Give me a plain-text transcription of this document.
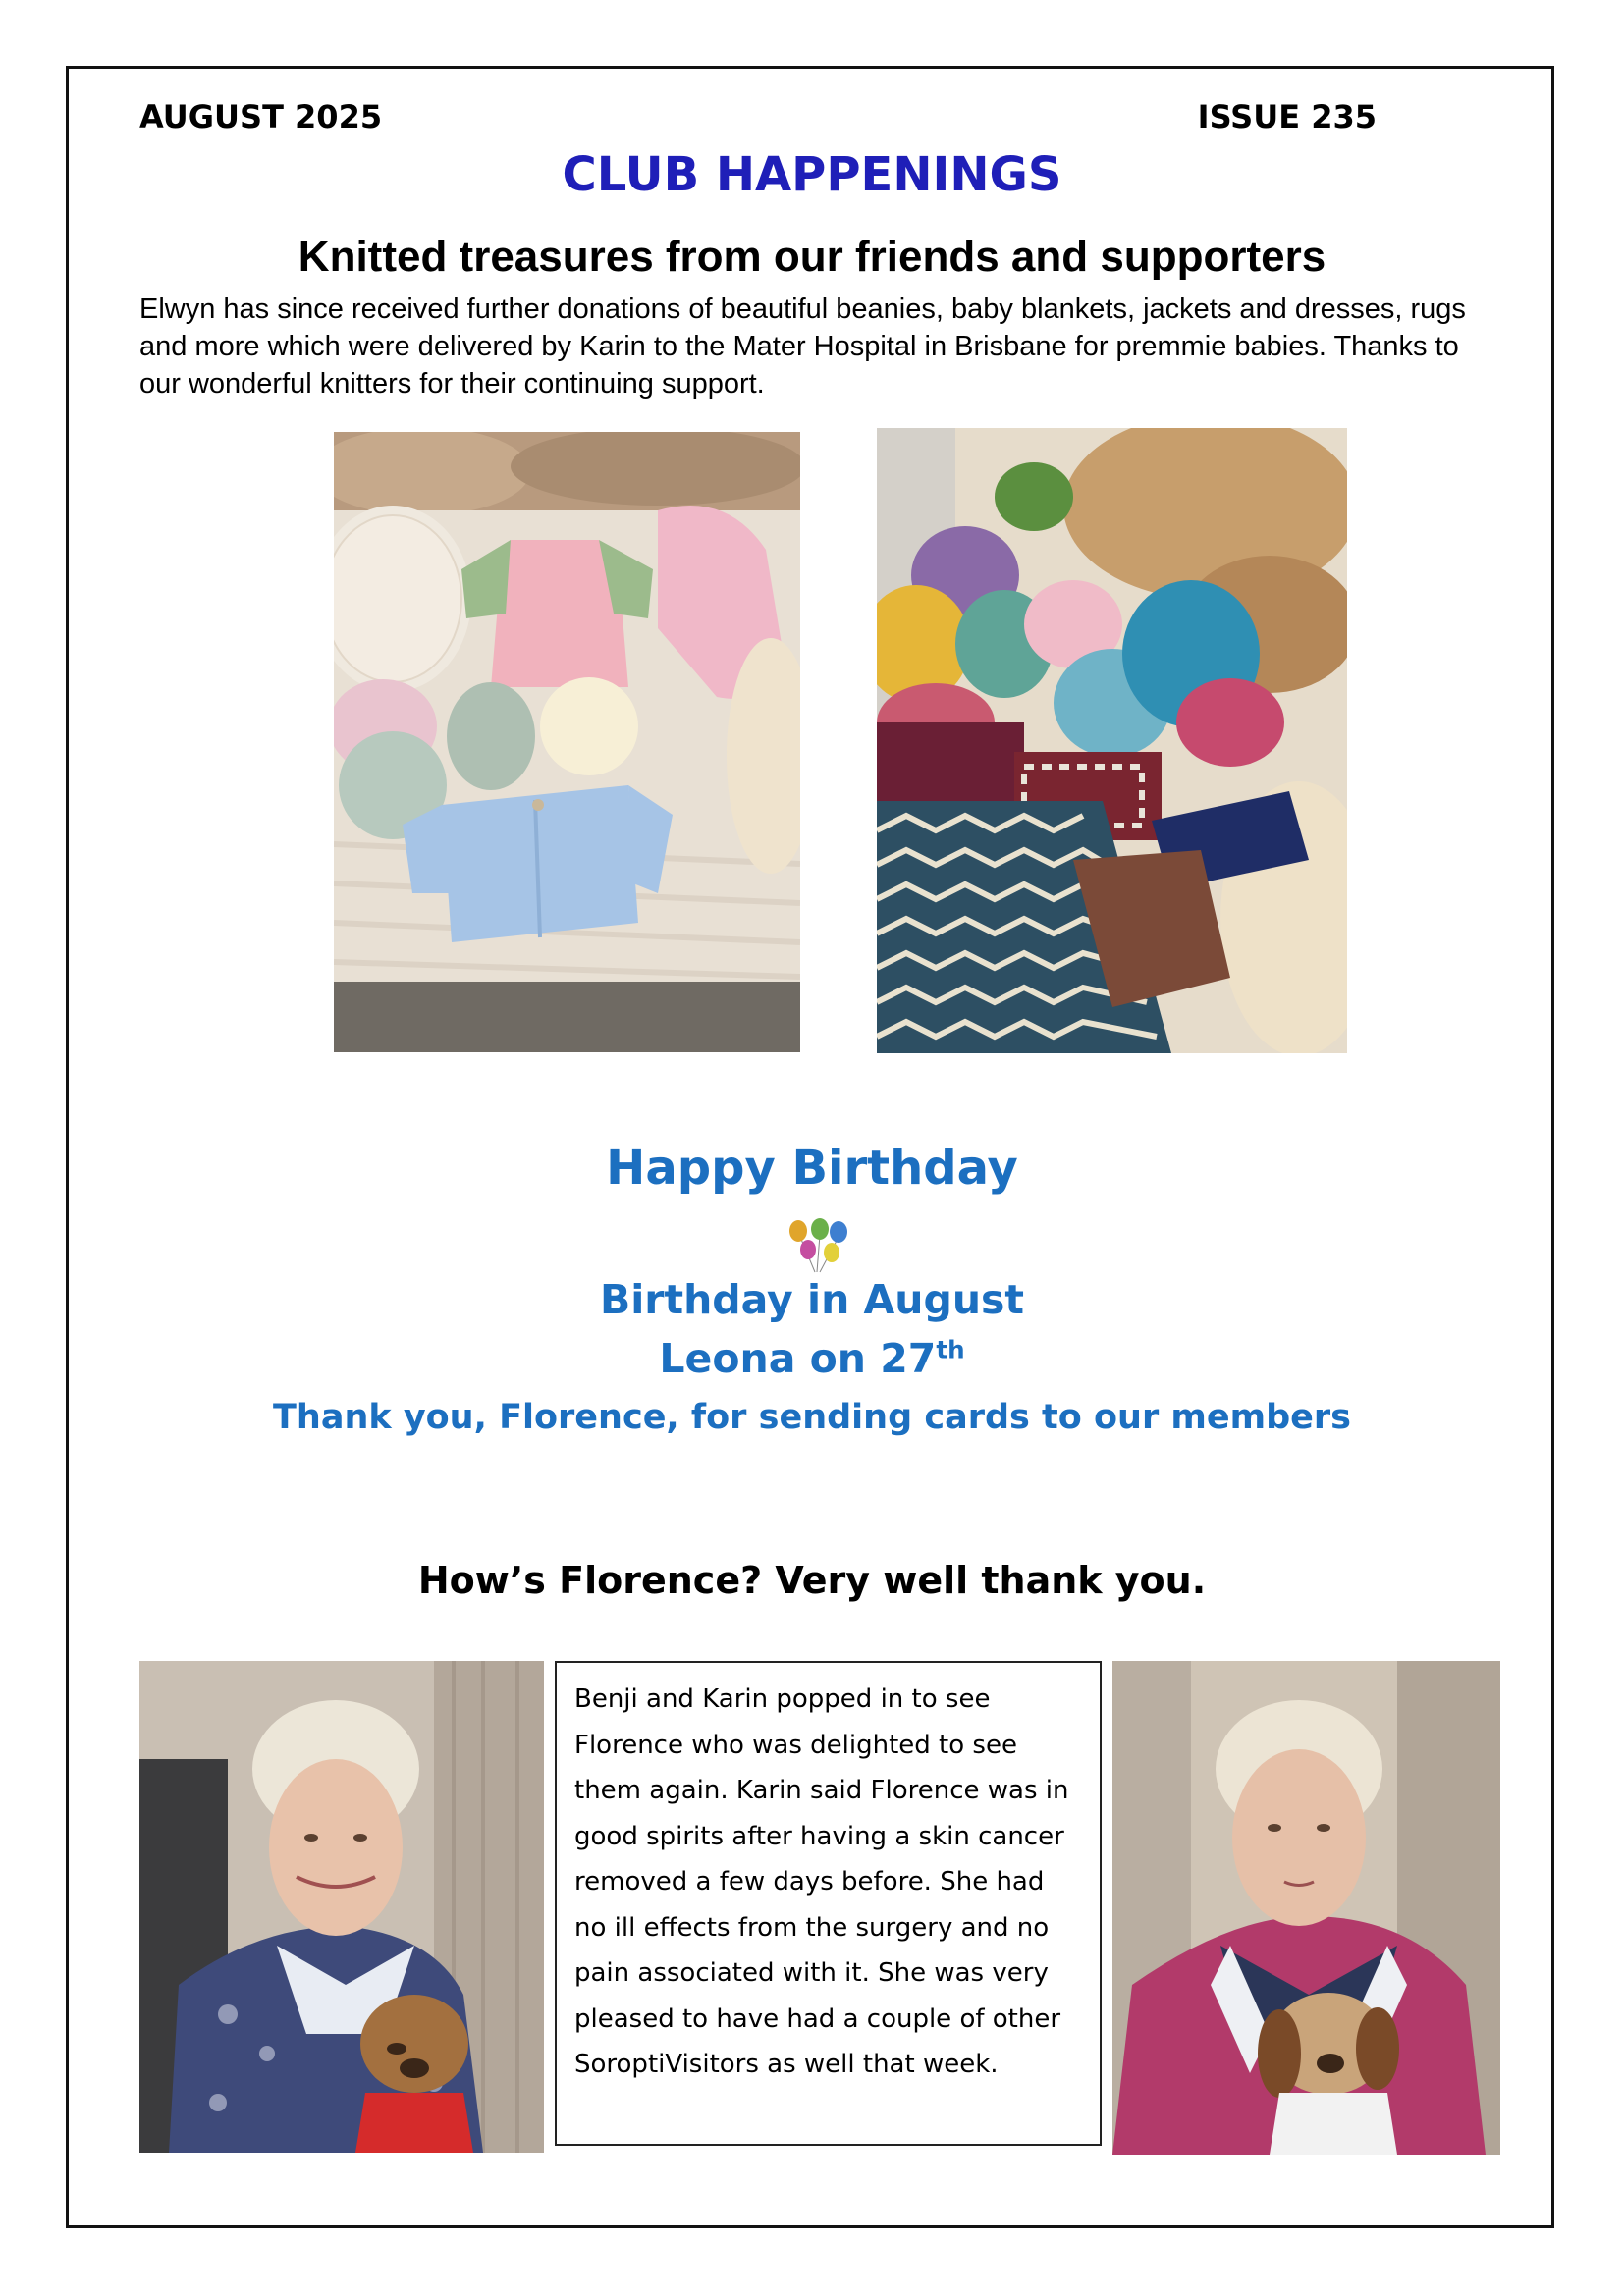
AUGUST 2025	ISSUE 235
CLUB HAPPENINGS
Knitted treasures from our friends and supporters
Elwyn has since received further donations of beautiful beanies, baby blankets, jackets and dresses, rugs and more which were delivered by Karin to the Mater Hospital in Brisbane for premmie babies. Thanks to our wonderful knitters for their continuing support.
Happy Birthday
Birthday in August
Leona on 27th
Thank you, Florence, for sending cards to our members
How’s Florence? Very well thank you.
Benji and Karin popped in to see Florence who was delighted to see them again. Karin said Florence was in good spirits after having a skin cancer removed a few days before. She had no ill effects from the surgery and no pain associated with it. She was very pleased to have had a couple of other SoroptiVisitors as well that week.
